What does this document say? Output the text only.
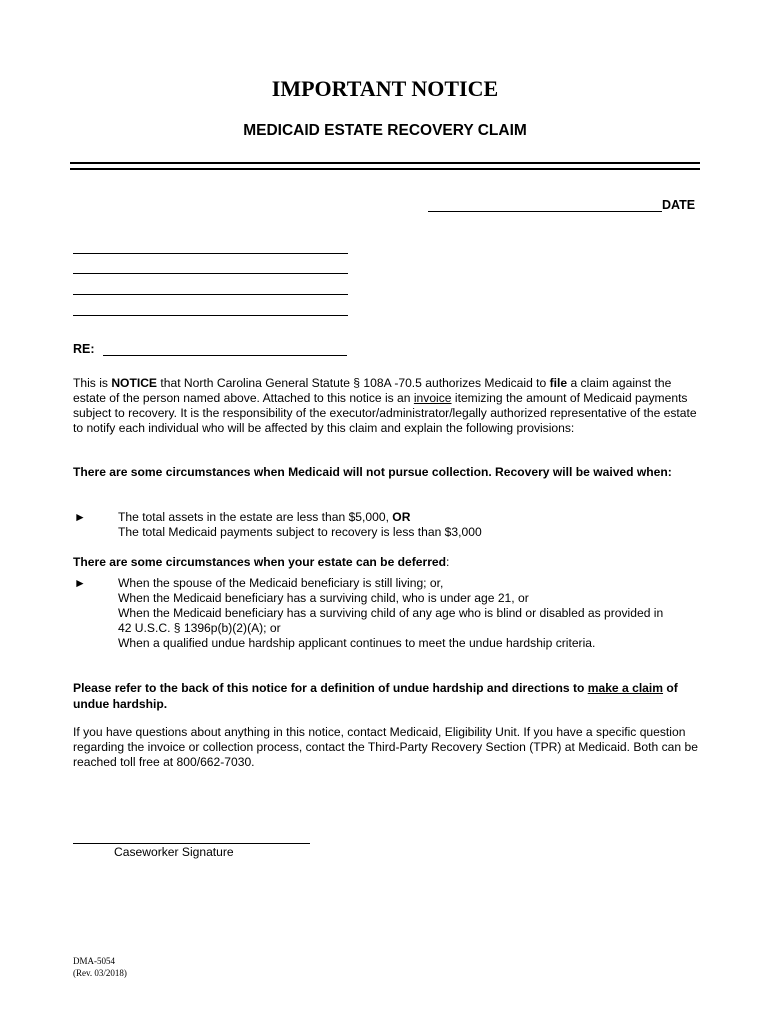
IMPORTANT NOTICE
MEDICAID ESTATE RECOVERY CLAIM
DATE
RE:
This is NOTICE that North Carolina General Statute § 108A -70.5 authorizes Medicaid to file a claim against the estate of the person named above. Attached to this notice is an invoice itemizing the amount of Medicaid payments subject to recovery. It is the responsibility of the executor/administrator/legally authorized representative of the estate to notify each individual who will be affected by this claim and explain the following provisions:
There are some circumstances when Medicaid will not pursue collection. Recovery will be waived when:
►	The total assets in the estate are less than $5,000, OR
The total Medicaid payments subject to recovery is less than $3,000
There are some circumstances when your estate can be deferred:
►	When the spouse of the Medicaid beneficiary is still living; or,
When the Medicaid beneficiary has a surviving child, who is under age 21, or
When the Medicaid beneficiary has a surviving child of any age who is blind or disabled as provided in
42 U.S.C. § 1396p(b)(2)(A); or
When a qualified undue hardship applicant continues to meet the undue hardship criteria.
Please refer to the back of this notice for a definition of undue hardship and directions to make a claim of undue hardship.
If you have questions about anything in this notice, contact Medicaid, Eligibility Unit. If you have a specific question regarding the invoice or collection process, contact the Third-Party Recovery Section (TPR) at Medicaid. Both can be reached toll free at 800/662-7030.
Caseworker Signature
DMA-5054
(Rev. 03/2018)
